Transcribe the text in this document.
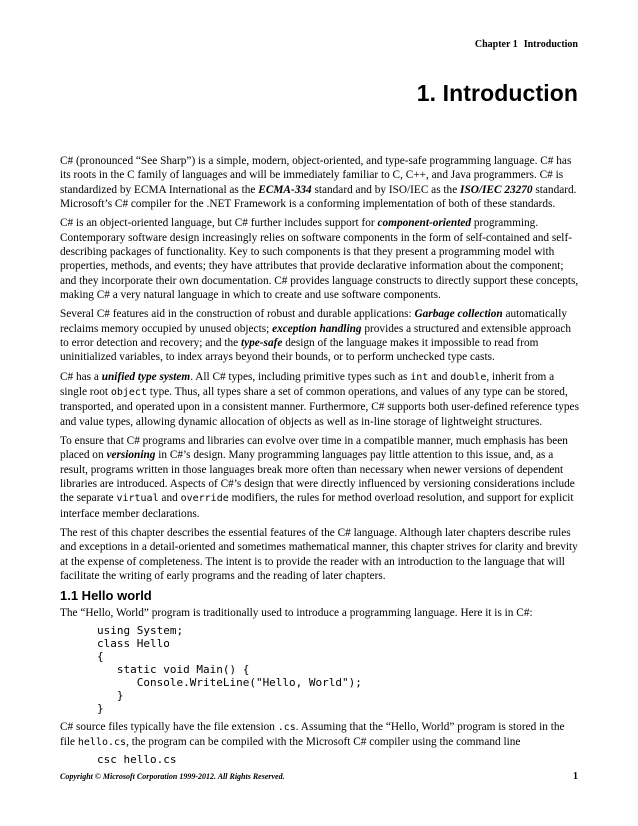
Chapter 1 Introduction
1. Introduction

C# (pronounced “See Sharp”) is a simple, modern, object-oriented, and type-safe programming language. C# has its roots in the C family of languages and will be immediately familiar to C, C++, and Java programmers. C# is standardized by ECMA International as the ECMA-334 standard and by ISO/IEC as the ISO/IEC 23270 standard. Microsoft’s C# compiler for the .NET Framework is a conforming implementation of both of these standards.

C# is an object-oriented language, but C# further includes support for component-oriented programming. Contemporary software design increasingly relies on software components in the form of self-contained and self-describing packages of functionality. Key to such components is that they present a programming model with properties, methods, and events; they have attributes that provide declarative information about the component; and they incorporate their own documentation. C# provides language constructs to directly support these concepts, making C# a very natural language in which to create and use software components.

Several C# features aid in the construction of robust and durable applications: Garbage collection automatically reclaims memory occupied by unused objects; exception handling provides a structured and extensible approach to error detection and recovery; and the type-safe design of the language makes it impossible to read from uninitialized variables, to index arrays beyond their bounds, or to perform unchecked type casts.

C# has a unified type system. All C# types, including primitive types such as int and double, inherit from a single root object type. Thus, all types share a set of common operations, and values of any type can be stored, transported, and operated upon in a consistent manner. Furthermore, C# supports both user-defined reference types and value types, allowing dynamic allocation of objects as well as in-line storage of lightweight structures.

To ensure that C# programs and libraries can evolve over time in a compatible manner, much emphasis has been placed on versioning in C#’s design. Many programming languages pay little attention to this issue, and, as a result, programs written in those languages break more often than necessary when newer versions of dependent libraries are introduced. Aspects of C#’s design that were directly influenced by versioning considerations include the separate virtual and override modifiers, the rules for method overload resolution, and support for explicit interface member declarations.

The rest of this chapter describes the essential features of the C# language. Although later chapters describe rules and exceptions in a detail-oriented and sometimes mathematical manner, this chapter strives for clarity and brevity at the expense of completeness. The intent is to provide the reader with an introduction to the language that will facilitate the writing of early programs and the reading of later chapters.

1.1 Hello world

The “Hello, World” program is traditionally used to introduce a programming language. Here it is in C#:

using System;
class Hello
{
static void Main() {
Console.WriteLine("Hello, World");
}
}

C# source files typically have the file extension .cs. Assuming that the “Hello, World” program is stored in the file hello.cs, the program can be compiled with the Microsoft C# compiler using the command line

csc hello.cs
Copyright © Microsoft Corporation 1999-2012. All Rights Reserved.	1
